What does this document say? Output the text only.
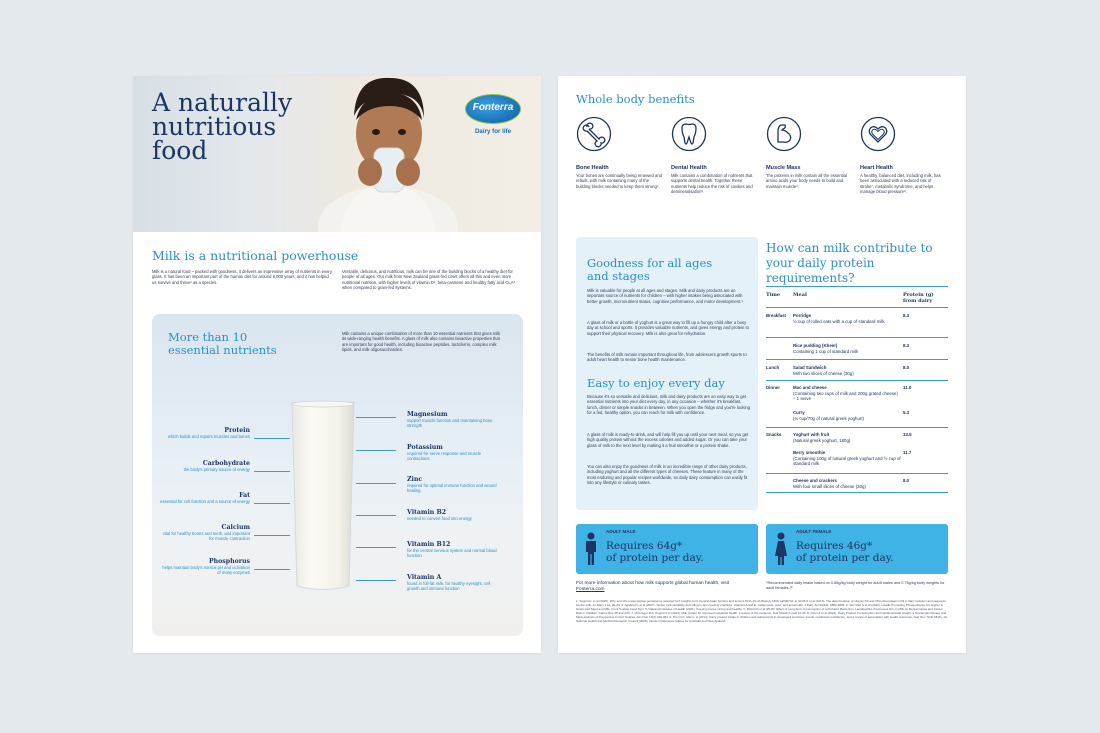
A naturally
nutritious
food
Fonterra
Dairy for life
Milk is a nutritional powerhouse
Milk is a natural food – packed with goodness, it delivers an impressive array of nutrients in every glass. It has been an important part of the human diet for around 8,000 years, and it has helped us survive and thrive¹ as a species.
Versatile, delicious, and nutritious, milk can be one of the building blocks of a healthy diet for people of all ages. Our milk from New Zealand grass-fed cows offers all this and even more nutritional nutrition, with higher levels of vitamin D², beta-carotene and healthy fatty acid CLA³ when compared to grain-fed systems.
More than 10 essential nutrients
Milk contains a unique combination of more than 10 essential nutrients that gives milk its wide-ranging health benefits. A glass of milk also contains bioactive properties that are important for good health, including bioactive peptides, lactoferrin, complex milk lipids, and milk oligosaccharides.
Protein
which builds and repairs muscles and bones
Carbohydrate
the body's primary source of energy
Fat
essential for cell function and a source of energy
Calcium
vital for healthy bones and teeth, and important for muscle contraction
Phosphorus
helps maintain body's normal pH and activation of many enzymes
Magnesium
support muscle function and maintaining bone strength
Potassium
required for nerve response and muscle contractions
Zinc
required for optimal immune function and wound healing
Vitamin B2
needed to convert food into energy
Vitamin B12
for the central nervous system and normal blood function
Vitamin A
found in full-fat milk, for healthy eyesight, cell growth and immune function
Whole body benefits
Bone Health
Your bones are continually being renewed and rebuilt, with milk containing many of the building blocks needed to keep them strong⁴.
Dental Health
Milk contains a combination of nutrients that supports dental health. Together these nutrients help reduce the risk of cavities and demineralisation⁵.
Muscle Mass
The proteins in milk contain all the essential amino acids your body needs to build and maintain muscle⁶.
Heart Health
A healthy, balanced diet, including milk, has been associated with a reduced risk of stroke⁷, metabolic syndrome, and helps manage blood pressure⁸.
Goodness for all ages and stages
Milk is valuable for people at all ages and stages. Milk and dairy products are an important source of nutrients for children – with higher intakes being associated with better growth, micronutrient status, cognitive performance, and motor development.⁹
A glass of milk or a bottle of yoghurt is a great way to fill up a hungry child after a busy day at school and sports. It provides valuable nutrients, and gives energy and protein to support their physical recovery. Milk is also great for rehydration.
The benefits of milk remain important throughout life, from adolescent growth spurts to adult heart health to senior bone health maintenance.
Easy to enjoy every day
Because it's so versatile and delicious, milk and dairy products are an easy way to get essential nutrients into your diet every day, in any occasion – whether it's breakfast, lunch, dinner or simple snacks in between. When you open the fridge and you're looking for a fed, healthy option, you can reach for milk with confidence.
A glass of milk is ready-to-drink, and will help fill you up until your next meal, so you get high quality protein without the excess calories and added sugar. Or you can take your glass of milk to the next level by making it a fruit smoothie or a protein shake.
You can also enjoy the goodness of milk in an incredible range of other dairy products, including yoghurt and all the different types of cheeses. These feature in many of the most enduring and popular recipes worldwide, so daily dairy consumption can easily fit into any lifestyle or culinary tastes.
How can milk contribute to your daily protein requirements?
Time	Meal	Protein (g) from dairy
Breakfast Porridge
½ cup of rolled oats with a cup of standard milk
8.3
Rice pudding (Kheer)
Containing 1 cup of standard milk
8.3
Lunch	Salad Sandwich
With two slices of cheese (30g)
8.0
Dinner	Mac and cheese
(Containing two cups of milk and 200g grated cheese) – 1 serve
11.0
Curry
(¾ cup/70g of natural greek yoghurt)
5.3
Snacks	Yoghurt with fruit
(Natural greek yoghurt, 180g)
13.5
Berry smoothie
(Containing 100g of natural greek yoghurt and ½ cup of standard milk
11.7
Cheese and crackers
With four small slices of cheese (30g)
8.0
ADULT MALE
Requires 64g*
of protein per day.
ADULT FEMALE
Requires 46g*
of protein per day.
For more information about how milk supports global human health, visit Fonterra.com
*Recommended daily intake based on 0.86g/kg body weight for adult males and 0.75g/kg body weights for adult females.¹⁰
1. Segurel L et al (2020). Why and when was lactase persistence selected for? Insights from Central Asian herders and ancient DNA. PLoS Biology 18(6):e3000742. 2. Gill B N et al (2016). The determination of vitamin D3 and 25-hydroxyvitamin D3 in dairy lactation and seasonal bovine milk. Int Dairy J 61, 20-24. 3. Agabriel C et al (2007). Tanker milk variability according to farm feeding practices: vitamins A and E, carotenoids, color, and terpenoids. J Dairy Sci 90(10): 4884-4896. 4. Van Vliet S et al (2015). Health-Promoting Phytonutrients Are Higher in Grass-Fed Meat and Milk. Front Sustain Food Syst. 5. National Institutes of Health (2021). Keeping bones strong and healthy. 6. Rizzoli R et al (2019). Effect of Long-Term Consumption of a Probiotic Bacterium, Lactobacillus rhamnosus GG, in Milk on Dental Caries and Caries Risk in Children. Caries Res 35:412-420. 7. McGregor R A, Poppitt S D (2013). Milk protein for improved metabolic health: a review of the evidence. Nutr Metab (Lond) 10:46. 8. Chen Z et al (2021). Dairy Product Consumption and Cardiovascular Health: a Systematic Review and Meta-analysis of Prospective Cohort Studies. Adv Nutr 13(2):439-454. 9. Dror D K, Allen L H (2014). Dairy product intake in children and adolescents in developed countries: trends, nutritional contribution, and a review of association with health outcomes. Nutr Rev 72(2):68-81. 10. National Health and Medical Research Council (2006). Nutrient Reference Values for Australia and New Zealand.
